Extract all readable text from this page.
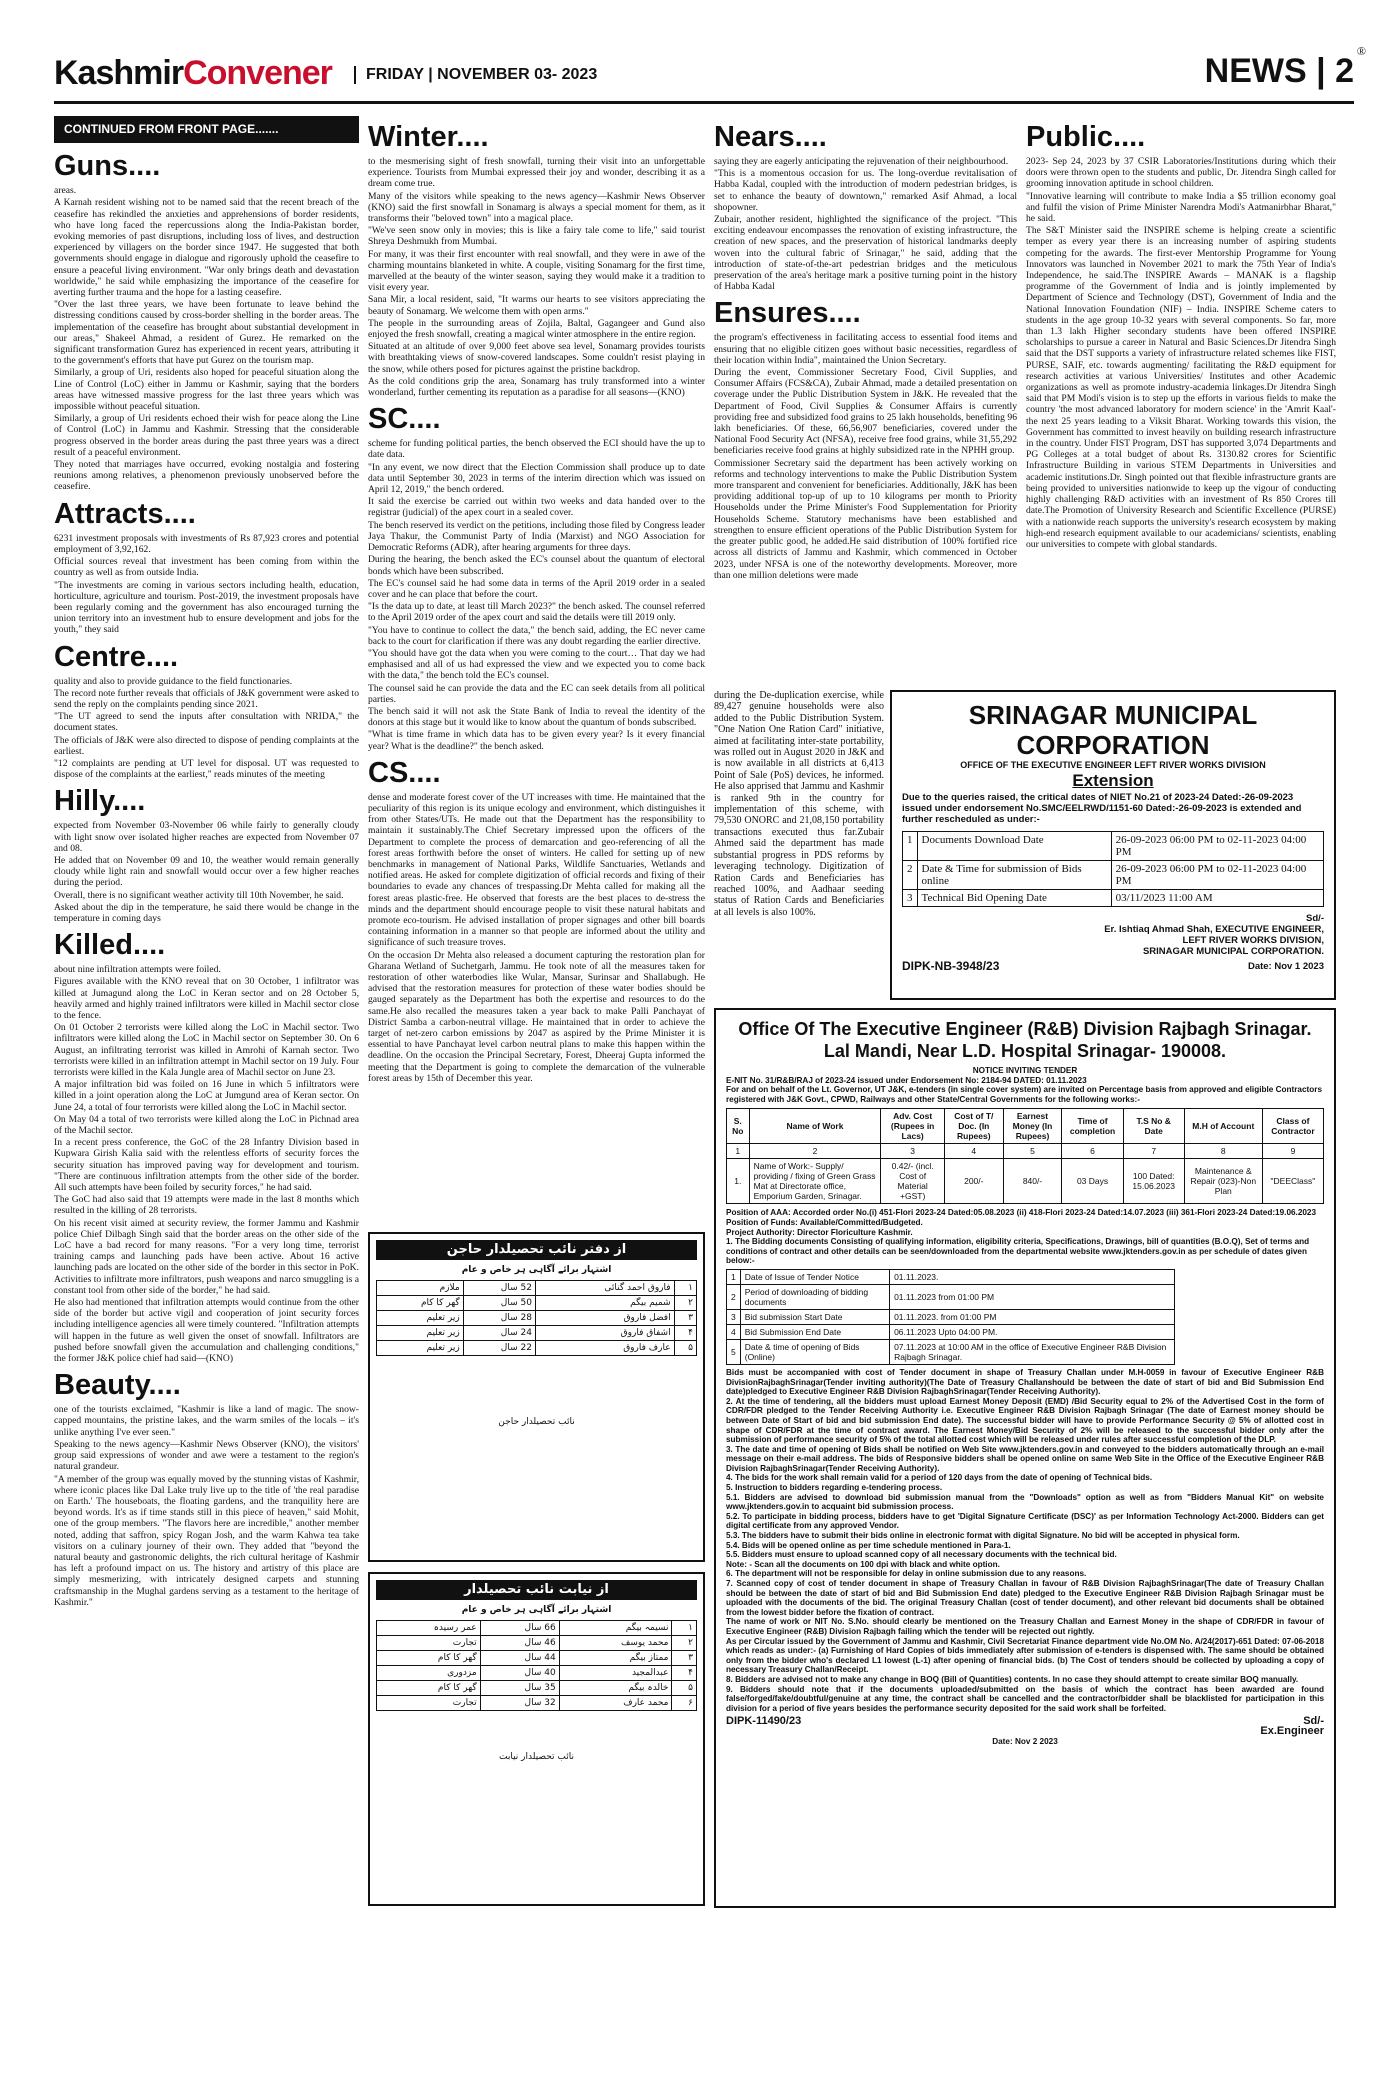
KashmirConvener	FRIDAY | NOVEMBER 03- 2023	NEWS | 2
®
CONTINUED FROM FRONT PAGE.......
Guns....

areas.

A Karnah resident wishing not to be named said that the recent breach of the ceasefire has rekindled the anxieties and apprehensions of border residents, who have long faced the repercussions along the India-Pakistan border, evoking memories of past disruptions, including loss of lives, and destruction experienced by villagers on the border since 1947. He suggested that both governments should engage in dialogue and rigorously uphold the ceasefire to ensure a peaceful living environment. "War only brings death and devastation worldwide," he said while emphasizing the importance of the ceasefire for averting further trauma and the hope for a lasting ceasefire.

"Over the last three years, we have been fortunate to leave behind the distressing conditions caused by cross-border shelling in the border areas. The implementation of the ceasefire has brought about substantial development in our areas," Shakeel Ahmad, a resident of Gurez. He remarked on the significant transformation Gurez has experienced in recent years, attributing it to the government's efforts that have put Gurez on the tourism map.

Similarly, a group of Uri, residents also hoped for peaceful situation along the Line of Control (LoC) either in Jammu or Kashmir, saying that the borders areas have witnessed massive progress for the last three years which was impossible without peaceful situation.

Similarly, a group of Uri residents echoed their wish for peace along the Line of Control (LoC) in Jammu and Kashmir. Stressing that the considerable progress observed in the border areas during the past three years was a direct result of a peaceful environment.

They noted that marriages have occurred, evoking nostalgia and fostering reunions among relatives, a phenomenon previously unobserved before the ceasefire.

Attracts....

6231 investment proposals with investments of Rs 87,923 crores and potential employment of 3,92,162.

Official sources reveal that investment has been coming from within the country as well as from outside India.

"The investments are coming in various sectors including health, education, horticulture, agriculture and tourism. Post-2019, the investment proposals have been regularly coming and the government has also encouraged turning the union territory into an investment hub to ensure development and jobs for the youth," they said

Centre....

quality and also to provide guidance to the field functionaries.

The record note further reveals that officials of J&K government were asked to send the reply on the complaints pending since 2021.

"The UT agreed to send the inputs after consultation with NRIDA," the document states.

The officials of J&K were also directed to dispose of pending complaints at the earliest.

"12 complaints are pending at UT level for disposal. UT was requested to dispose of the complaints at the earliest," reads minutes of the meeting

Hilly....

expected from November 03-November 06 while fairly to generally cloudy with light snow over isolated higher reaches are expected from November 07 and 08.

He added that on November 09 and 10, the weather would remain generally cloudy while light rain and snowfall would occur over a few higher reaches during the period.

Overall, there is no significant weather activity till 10th November, he said.

Asked about the dip in the temperature, he said there would be change in the temperature in coming days

Killed....

about nine infiltration attempts were foiled.

Figures available with the KNO reveal that on 30 October, 1 infiltrator was killed at Jumagund along the LoC in Keran sector and on 28 October 5, heavily armed and highly trained infiltrators were killed in Machil sector close to the fence.

On 01 October 2 terrorists were killed along the LoC in Machil sector. Two infiltrators were killed along the LoC in Machil sector on September 30. On 6 August, an infiltrating terrorist was killed in Amrohi of Karnah sector. Two terrorists were killed in an infiltration attempt in Machil sector on 19 July. Four terrorists were killed in the Kala Jungle area of Machil sector on June 23.

A major infiltration bid was foiled on 16 June in which 5 infiltrators were killed in a joint operation along the LoC at Jumgund area of Keran sector. On June 24, a total of four terrorists were killed along the LoC in Machil sector.

On May 04 a total of two terrorists were killed along the LoC in Pichnad area of the Machil sector.

In a recent press conference, the GoC of the 28 Infantry Division based in Kupwara Girish Kalia said with the relentless efforts of security forces the security situation has improved paving way for development and tourism. "There are continuous infiltration attempts from the other side of the border. All such attempts have been foiled by security forces," he had said.

The GoC had also said that 19 attempts were made in the last 8 months which resulted in the killing of 28 terrorists.

On his recent visit aimed at security review, the former Jammu and Kashmir police Chief Dilbagh Singh said that the border areas on the other side of the LoC have a bad record for many reasons. "For a very long time, terrorist training camps and launching pads have been active. About 16 active launching pads are located on the other side of the border in this sector in PoK. Activities to infiltrate more infiltrators, push weapons and narco smuggling is a constant tool from other side of the border," he had said.

He also had mentioned that infiltration attempts would continue from the other side of the border but active vigil and cooperation of joint security forces including intelligence agencies all were timely countered. "Infiltration attempts will happen in the future as well given the onset of snowfall. Infiltrators are pushed before snowfall given the accumulation and challenging conditions," the former J&K police chief had said—(KNO)

Beauty....

one of the tourists exclaimed, "Kashmir is like a land of magic. The snow-capped mountains, the pristine lakes, and the warm smiles of the locals – it's unlike anything I've ever seen."

Speaking to the news agency—Kashmir News Observer (KNO), the visitors' group said expressions of wonder and awe were a testament to the region's natural grandeur.

"A member of the group was equally moved by the stunning vistas of Kashmir, where iconic places like Dal Lake truly live up to the title of 'the real paradise on Earth.' The houseboats, the floating gardens, and the tranquility here are beyond words. It's as if time stands still in this piece of heaven," said Mohit, one of the group members. "The flavors here are incredible," another member noted, adding that saffron, spicy Rogan Josh, and the warm Kahwa tea take visitors on a culinary journey of their own. They added that "beyond the natural beauty and gastronomic delights, the rich cultural heritage of Kashmir has left a profound impact on us. The history and artistry of this place are simply mesmerizing, with intricately designed carpets and stunning craftsmanship in the Mughal gardens serving as a testament to the heritage of Kashmir."

Winter....

to the mesmerising sight of fresh snowfall, turning their visit into an unforgettable experience. Tourists from Mumbai expressed their joy and wonder, describing it as a dream come true.

Many of the visitors while speaking to the news agency—Kashmir News Observer (KNO) said the first snowfall in Sonamarg is always a special moment for them, as it transforms their "beloved town" into a magical place.

"We've seen snow only in movies; this is like a fairy tale come to life," said tourist Shreya Deshmukh from Mumbai.

For many, it was their first encounter with real snowfall, and they were in awe of the charming mountains blanketed in white. A couple, visiting Sonamarg for the first time, marvelled at the beauty of the winter season, saying they would make it a tradition to visit every year.

Sana Mir, a local resident, said, "It warms our hearts to see visitors appreciating the beauty of Sonamarg. We welcome them with open arms."

The people in the surrounding areas of Zojila, Baltal, Gagangeer and Gund also enjoyed the fresh snowfall, creating a magical winter atmosphere in the entire region.

Situated at an altitude of over 9,000 feet above sea level, Sonamarg provides tourists with breathtaking views of snow-covered landscapes. Some couldn't resist playing in the snow, while others posed for pictures against the pristine backdrop.

As the cold conditions grip the area, Sonamarg has truly transformed into a winter wonderland, further cementing its reputation as a paradise for all seasons—(KNO)

SC....

scheme for funding political parties, the bench observed the ECI should have the up to date data.

"In any event, we now direct that the Election Commission shall produce up to date data until September 30, 2023 in terms of the interim direction which was issued on April 12, 2019," the bench ordered.

It said the exercise be carried out within two weeks and data handed over to the registrar (judicial) of the apex court in a sealed cover.

The bench reserved its verdict on the petitions, including those filed by Congress leader Jaya Thakur, the Communist Party of India (Marxist) and NGO Association for Democratic Reforms (ADR), after hearing arguments for three days.

During the hearing, the bench asked the EC's counsel about the quantum of electoral bonds which have been subscribed.

The EC's counsel said he had some data in terms of the April 2019 order in a sealed cover and he can place that before the court.

"Is the data up to date, at least till March 2023?" the bench asked. The counsel referred to the April 2019 order of the apex court and said the details were till 2019 only.

"You have to continue to collect the data," the bench said, adding, the EC never came back to the court for clarification if there was any doubt regarding the earlier directive.

"You should have got the data when you were coming to the court… That day we had emphasised and all of us had expressed the view and we expected you to come back with the data," the bench told the EC's counsel.

The counsel said he can provide the data and the EC can seek details from all political parties.

The bench said it will not ask the State Bank of India to reveal the identity of the donors at this stage but it would like to know about the quantum of bonds subscribed.

"What is time frame in which data has to be given every year? Is it every financial year? What is the deadline?" the bench asked.

CS....

dense and moderate forest cover of the UT increases with time. He maintained that the peculiarity of this region is its unique ecology and environment, which distinguishes it from other States/UTs. He made out that the Department has the responsibility to maintain it sustainably.The Chief Secretary impressed upon the officers of the Department to complete the process of demarcation and geo-referencing of all the forest areas forthwith before the onset of winters. He called for setting up of new benchmarks in management of National Parks, Wildlife Sanctuaries, Wetlands and notified areas. He asked for complete digitization of official records and fixing of their boundaries to evade any chances of trespassing.Dr Mehta called for making all the forest areas plastic-free. He observed that forests are the best places to de-stress the minds and the department should encourage people to visit these natural habitats and promote eco-tourism. He advised installation of proper signages and other bill boards containing information in a manner so that people are informed about the utility and significance of such treasure troves.

On the occasion Dr Mehta also released a document capturing the restoration plan for Gharana Wetland of Suchetgarh, Jammu. He took note of all the measures taken for restoration of other waterbodies like Wular, Mansar, Surinsar and Shallabugh. He advised that the restoration measures for protection of these water bodies should be gauged separately as the Department has both the expertise and resources to do the same.He also recalled the measures taken a year back to make Palli Panchayat of District Samba a carbon-neutral village. He maintained that in order to achieve the target of net-zero carbon emissions by 2047 as aspired by the Prime Minister it is essential to have Panchayat level carbon neutral plans to make this happen within the deadline. On the occasion the Principal Secretary, Forest, Dheeraj Gupta informed the meeting that the Department is going to complete the demarcation of the vulnerable forest areas by 15th of December this year.

از دفتر نائب تحصیلدار حاجن
اشتہار برائے آگاہی ہر خاص و عام
۱	فاروق احمد گنائی	52 سال	ملازم
۲	شمیم بیگم	50 سال	گھر کا کام
۳	افضل فاروق	28 سال	زیر تعلیم
۴	اشفاق فاروق	24 سال	زیر تعلیم
۵	عارف فاروق	22 سال	زیر تعلیم
نائب تحصیلدار حاجن
از نیابت نائب تحصیلدار
اشتہار برائے آگاہی ہر خاص و عام
۱	نسیمہ بیگم	66 سال	عمر رسیدہ
۲	محمد یوسف	46 سال	تجارت
۳	ممتاز بیگم	44 سال	گھر کا کام
۴	عبدالمجید	40 سال	مزدوری
۵	خالدہ بیگم	35 سال	گھر کا کام
۶	محمد عارف	32 سال	تجارت
نائب تحصیلدار نیابت
Nears....

saying they are eagerly anticipating the rejuvenation of their neighbourhood.

"This is a momentous occasion for us. The long-overdue revitalisation of Habba Kadal, coupled with the introduction of modern pedestrian bridges, is set to enhance the beauty of downtown," remarked Asif Ahmad, a local shopowner.

Zubair, another resident, highlighted the significance of the project. "This exciting endeavour encompasses the renovation of existing infrastructure, the creation of new spaces, and the preservation of historical landmarks deeply woven into the cultural fabric of Srinagar," he said, adding that the introduction of state-of-the-art pedestrian bridges and the meticulous preservation of the area's heritage mark a positive turning point in the history of Habba Kadal

Ensures....

the program's effectiveness in facilitating access to essential food items and ensuring that no eligible citizen goes without basic necessities, regardless of their location within India", maintained the Union Secretary.

During the event, Commissioner Secretary Food, Civil Supplies, and Consumer Affairs (FCS&CA), Zubair Ahmad, made a detailed presentation on coverage under the Public Distribution System in J&K. He revealed that the Department of Food, Civil Supplies & Consumer Affairs is currently providing free and subsidized food grains to 25 lakh households, benefiting 96 lakh beneficiaries. Of these, 66,56,907 beneficiaries, covered under the National Food Security Act (NFSA), receive free food grains, while 31,55,292 beneficiaries receive food grains at highly subsidized rate in the NPHH group.

Commissioner Secretary said the department has been actively working on reforms and technology interventions to make the Public Distribution System more transparent and convenient for beneficiaries. Additionally, J&K has been providing additional top-up of up to 10 kilograms per month to Priority Households under the Prime Minister's Food Supplementation for Priority Households Scheme. Statutory mechanisms have been established and strengthen to ensure efficient operations of the Public Distribution System for the greater public good, he added.He said distribution of 100% fortified rice across all districts of Jammu and Kashmir, which commenced in October 2023, under NFSA is one of the noteworthy developments. Moreover, more than one million deletions were made

during the De-duplication exercise, while 89,427 genuine households were also added to the Public Distribution System. "One Nation One Ration Card" initiative, aimed at facilitating inter-state portability, was rolled out in August 2020 in J&K and is now available in all districts at 6,413 Point of Sale (PoS) devices, he informed. He also apprised that Jammu and Kashmir is ranked 9th in the country for implementation of this scheme, with 79,530 ONORC and 21,08,150 portability transactions executed thus far.Zubair Ahmed said the department has made substantial progress in PDS reforms by leveraging technology. Digitization of Ration Cards and Beneficiaries has reached 100%, and Aadhaar seeding status of Ration Cards and Beneficiaries at all levels is also 100%.

Public....

2023- Sep 24, 2023 by 37 CSIR Laboratories/Institutions during which their doors were thrown open to the students and public, Dr. Jitendra Singh called for grooming innovation aptitude in school children.

"Innovative learning will contribute to make India a $5 trillion economy goal and fulfil the vision of Prime Minister Narendra Modi's Aatmanirbhar Bharat," he said.

The S&T Minister said the INSPIRE scheme is helping create a scientific temper as every year there is an increasing number of aspiring students competing for the awards. The first-ever Mentorship Programme for Young Innovators was launched in November 2021 to mark the 75th Year of India's Independence, he said.The INSPIRE Awards – MANAK is a flagship programme of the Government of India and is jointly implemented by Department of Science and Technology (DST), Government of India and the National Innovation Foundation (NIF) – India. INSPIRE Scheme caters to students in the age group 10-32 years with several components. So far, more than 1.3 lakh Higher secondary students have been offered INSPIRE scholarships to pursue a career in Natural and Basic Sciences.Dr Jitendra Singh said that the DST supports a variety of infrastructure related schemes like FIST, PURSE, SAIF, etc. towards augmenting/ facilitating the R&D equipment for research activities at various Universities/ Institutes and other Academic organizations as well as promote industry-academia linkages.Dr Jitendra Singh said that PM Modi's vision is to step up the efforts in various fields to make the country 'the most advanced laboratory for modern science' in the 'Amrit Kaal'-the next 25 years leading to a Viksit Bharat. Working towards this vision, the Government has committed to invest heavily on building research infrastructure in the country. Under FIST Program, DST has supported 3,074 Departments and PG Colleges at a total budget of about Rs. 3130.82 crores for Scientific Infrastructure Building in various STEM Departments in Universities and academic institutions.Dr. Singh pointed out that flexible infrastructure grants are being provided to universities nationwide to keep up the vigour of conducting highly challenging R&D activities with an investment of Rs 850 Crores till date.The Promotion of University Research and Scientific Excellence (PURSE) with a nationwide reach supports the university's research ecosystem by making high-end research equipment available to our academicians/ scientists, enabling our universities to compete with global standards.

SRINAGAR MUNICIPAL CORPORATION
OFFICE OF THE EXECUTIVE ENGINEER LEFT RIVER WORKS DIVISION
Extension

Due to the queries raised, the critical dates of NIET No.21 of 2023-24 Dated:-26-09-2023 issued under endorsement No.SMC/EELRWD/1151-60 Dated:-26-09-2023 is extended and further rescheduled as under:-

1	Documents Download Date	26-09-2023 06:00 PM to 02-11-2023 04:00 PM
2	Date & Time for submission of Bids online	26-09-2023 06:00 PM to 02-11-2023 04:00 PM
3	Technical Bid Opening Date	03/11/2023 11:00 AM
Sd/-
Er. Ishtiaq Ahmad Shah, EXECUTIVE ENGINEER,
LEFT RIVER WORKS DIVISION,
SRINAGAR MUNICIPAL CORPORATION.
DIPK-NB-3948/23	Date: Nov 1 2023
Office Of The Executive Engineer (R&B) Division Rajbagh Srinagar.
Lal Mandi, Near L.D. Hospital Srinagar- 190008.
NOTICE INVITING TENDER
E-NIT No. 31/R&B/RAJ of 2023-24 issued under Endorsement No: 2184-94 DATED: 01.11.2023
For and on behalf of the Lt. Governor, UT J&K, e-tenders (in single cover system) are invited on Percentage basis from approved and eligible Contractors registered with J&K Govt., CPWD, Railways and other State/Central Governments for the following works:-
S. No	Name of Work	Adv. Cost (Rupees in Lacs)	Cost of T/ Doc. (In Rupees)	Earnest Money (In Rupees)	Time of completion	T.S No & Date	M.H of Account	Class of Contractor
1	2	3	4	5	6	7	8	9
1.	Name of Work:- Supply/ providing / fixing of Green Grass Mat at Directorate office, Emporium Garden, Srinagar.	0.42/- (incl. Cost of Material +GST)	200/-	840/-	03 Days	100 Dated: 15.06.2023	Maintenance & Repair (023)-Non Plan	"DEEClass"

Position of AAA: Accorded order No.(i) 451-Flori 2023-24 Dated:05.08.2023 (ii) 418-Flori 2023-24 Dated:14.07.2023 (iii) 361-Flori 2023-24 Dated:19.06.2023

Position of Funds: Available/Committed/Budgeted.

Project Authority: Director Floriculture Kashmir.

1. The Bidding documents Consisting of qualifying information, eligibility criteria, Specifications, Drawings, bill of quantities (B.O.Q), Set of terms and conditions of contract and other details can be seen/downloaded from the departmental website www.jktenders.gov.in as per schedule of dates given below:-

1	Date of Issue of Tender Notice	01.11.2023.
2	Period of downloading of bidding documents	01.11.2023 from 01:00 PM
3	Bid submission Start Date	01.11.2023. from 01:00 PM
4	Bid Submission End Date	06.11.2023 Upto 04:00 PM.
5	Date & time of opening of Bids (Online)	07.11.2023 at 10:00 AM in the office of Executive Engineer R&B Division Rajbagh Srinagar.

Bids must be accompanied with cost of Tender document in shape of Treasury Challan under M.H-0059 in favour of Executive Engineer R&B DivisionRajbaghSrinagar(Tender inviting authority)(The Date of Treasury Challanshould be between the date of start of bid and Bid Submission End date)pledged to Executive Engineer R&B Division RajbaghSrinagar(Tender Receiving Authority).

2. At the time of tendering, all the bidders must upload Earnest Money Deposit (EMD) /Bid Security equal to 2% of the Advertised Cost in the form of CDR/FDR pledged to the Tender Receiving Authority i.e. Executive Engineer R&B Division Rajbagh Srinagar (The date of Earnest money should be between Date of Start of bid and bid submission End date). The successful bidder will have to provide Performance Security @ 5% of allotted cost in shape of CDR/FDR at the time of contract award. The Earnest Money/Bid Security of 2% will be released to the successful bidder only after the submission of performance security of 5% of the total allotted cost which will be released under rules after successful completion of the DLP.

3. The date and time of opening of Bids shall be notified on Web Site www.jktenders.gov.in and conveyed to the bidders automatically through an e-mail message on their e-mail address. The bids of Responsive bidders shall be opened online on same Web Site in the Office of the Executive Engineer R&B Division RajbaghSrinagar(Tender Receiving Authority).

4. The bids for the work shall remain valid for a period of 120 days from the date of opening of Technical bids.

5. Instruction to bidders regarding e-tendering process.

5.1. Bidders are advised to download bid submission manual from the "Downloads" option as well as from "Bidders Manual Kit" on website www.jktenders.gov.in to acquaint bid submission process.

5.2. To participate in bidding process, bidders have to get 'Digital Signature Certificate (DSC)' as per Information Technology Act-2000. Bidders can get digital certificate from any approved Vendor.

5.3. The bidders have to submit their bids online in electronic format with digital Signature. No bid will be accepted in physical form.

5.4. Bids will be opened online as per time schedule mentioned in Para-1.

5.5. Bidders must ensure to upload scanned copy of all necessary documents with the technical bid.

Note: - Scan all the documents on 100 dpi with black and white option.

6. The department will not be responsible for delay in online submission due to any reasons.

7. Scanned copy of cost of tender document in shape of Treasury Challan in favour of R&B Division RajbaghSrinagar(The date of Treasury Challan should be between the date of start of bid and Bid Submission End date) pledged to the Executive Engineer R&B Division Rajbagh Srinagar must be uploaded with the documents of the bid. The original Treasury Challan (cost of tender document), and other relevant bid documents shall be obtained from the lowest bidder before the fixation of contract.

The name of work or NIT No. S.No. should clearly be mentioned on the Treasury Challan and Earnest Money in the shape of CDR/FDR in favour of Executive Engineer (R&B) Division Rajbagh failing which the tender will be rejected out rightly.

As per Circular issued by the Government of Jammu and Kashmir, Civil Secretariat Finance department vide No.OM No. A/24(2017)-651 Dated: 07-06-2018 which reads as under:- (a) Furnishing of Hard Copies of bids immediately after submission of e-tenders is dispensed with. The same should be obtained only from the bidder who's declared L1 lowest (L-1) after opening of financial bids. (b) The Cost of tenders should be collected by uploading a copy of necessary Treasury Challan/Receipt.

8. Bidders are advised not to make any change in BOQ (Bill of Quantities) contents. In no case they should attempt to create similar BOQ manually.

9. Bidders should note that if the documents uploaded/submitted on the basis of which the contract has been awarded are found false/forged/fake/doubtful/genuine at any time, the contract shall be cancelled and the contractor/bidder shall be blacklisted for participation in this division for a period of five years besides the performance security deposited for the said work shall be forfeited.

DIPK-11490/23	Sd/-
Ex.Engineer
Date: Nov 2 2023
